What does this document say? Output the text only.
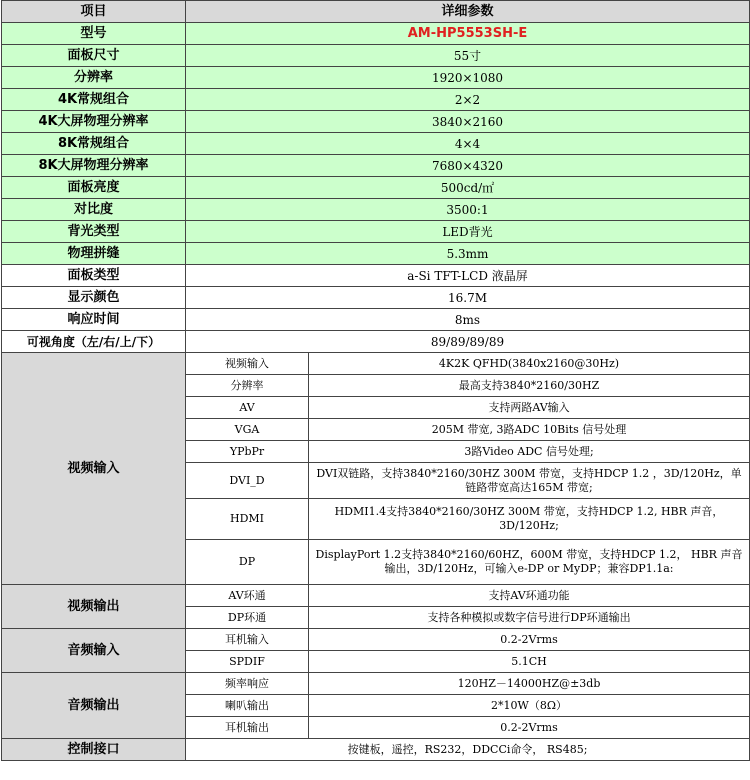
项目	详细参数	
型号	AM-HP5553SH-E	
面板尺寸	55寸	
分辨率	1920×1080	
4K常规组合	2×2	
4K大屏物理分辨率	3840×2160	
8K常规组合	4×4	
8K大屏物理分辨率	7680×4320	
面板亮度	500cd/㎡	
对比度	3500:1	
背光类型	LED背光	
物理拼缝	5.3mm	
面板类型	a-Si TFT-LCD 液晶屏	
显示颜色	16.7M	
响应时间	8ms	
可视角度（左/右/上/下）	89/89/89/89	
视频输入	视频输入	4K2K QFHD(3840x2160@30Hz)
	分辨率	最高支持3840*2160/30HZ
	AV	支持两路AV输入
	VGA	205M 带宽, 3路ADC 10Bits 信号处理
	YPbPr	3路Video ADC 信号处理;
	DVI_D	DVI双链路，支持3840*2160/30HZ 300M 带宽，支持HDCP 1.2 ，3D/120Hz，单链路带宽高达165M 带宽;
	HDMI	HDMI1.4支持3840*2160/30HZ 300M 带宽，支持HDCP 1.2, HBR 声音，3D/120Hz;
	DP	DisplayPort 1.2支持3840*2160/60HZ，600M 带宽，支持HDCP 1.2， HBR 声音输出，3D/120Hz，可输入e-DP or MyDP；兼容DP1.1a:
视频输出	AV环通	支持AV环通功能
	DP环通	支持各种模拟或数字信号进行DP环通输出
音频输入	耳机输入	0.2-2Vrms
	SPDIF	5.1CH
音频输出	频率响应	120HZ－14000HZ@±3db
	喇叭输出	2*10W（8Ω）
	耳机输出	0.2-2Vrms
控制接口	按键板，遥控，RS232，DDCCi命令， RS485;	
